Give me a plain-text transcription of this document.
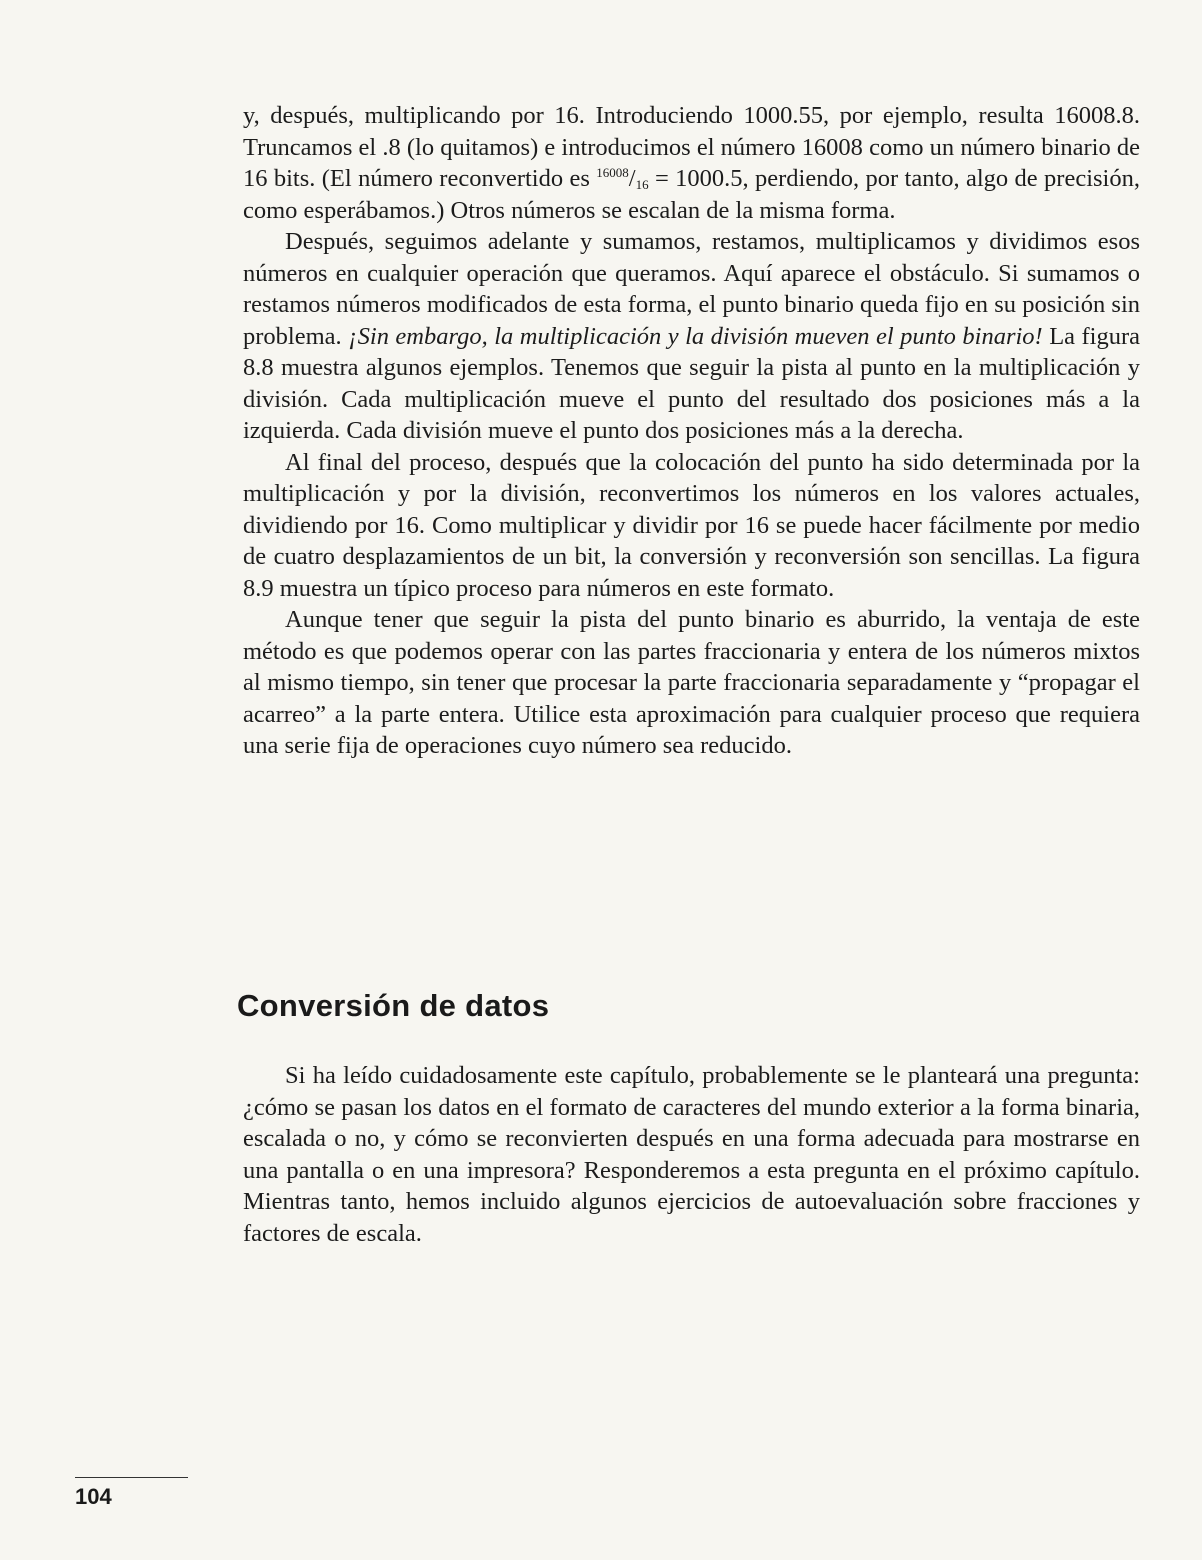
y, después, multiplicando por 16. Introduciendo 1000.55, por ejemplo, resulta 16008.8. Truncamos el .8 (lo quitamos) e introducimos el número 16008 como un número binario de 16 bits. (El número reconvertido es $^{16008}$/16 = 1000.5, perdiendo, por tanto, algo de precisión, como esperábamos.) Otros números se escalan de la misma forma.

Después, seguimos adelante y sumamos, restamos, multiplicamos y dividimos esos números en cualquier operación que queramos. Aquí aparece el obstáculo. Si sumamos o restamos números modificados de esta forma, el punto binario queda fijo en su posición sin problema. ¡Sin embargo, la multiplicación y la división mueven el punto binario! La figura 8.8 muestra algunos ejemplos. Tenemos que seguir la pista al punto en la multiplicación y división. Cada multiplicación mueve el punto del resultado dos posiciones más a la izquierda. Cada división mueve el punto dos posiciones más a la derecha.

Al final del proceso, después que la colocación del punto ha sido determinada por la multiplicación y por la división, reconvertimos los números en los valores actuales, dividiendo por 16. Como multiplicar y dividir por 16 se puede hacer fácilmente por medio de cuatro desplazamientos de un bit, la conversión y reconversión son sencillas. La figura 8.9 muestra un típico proceso para números en este formato.

Aunque tener que seguir la pista del punto binario es aburrido, la ventaja de este método es que podemos operar con las partes fraccionaria y entera de los números mixtos al mismo tiempo, sin tener que procesar la parte fraccionaria separadamente y “propagar el acarreo” a la parte entera. Utilice esta aproximación para cualquier proceso que requiera una serie fija de operaciones cuyo número sea reducido.

Conversión de datos

Si ha leído cuidadosamente este capítulo, probablemente se le planteará una pregunta: ¿cómo se pasan los datos en el formato de caracteres del mundo exterior a la forma binaria, escalada o no, y cómo se reconvierten después en una forma adecuada para mostrarse en una pantalla o en una impresora? Responderemos a esta pregunta en el próximo capítulo. Mientras tanto, hemos incluido algunos ejercicios de autoevaluación sobre fracciones y factores de escala.

104
